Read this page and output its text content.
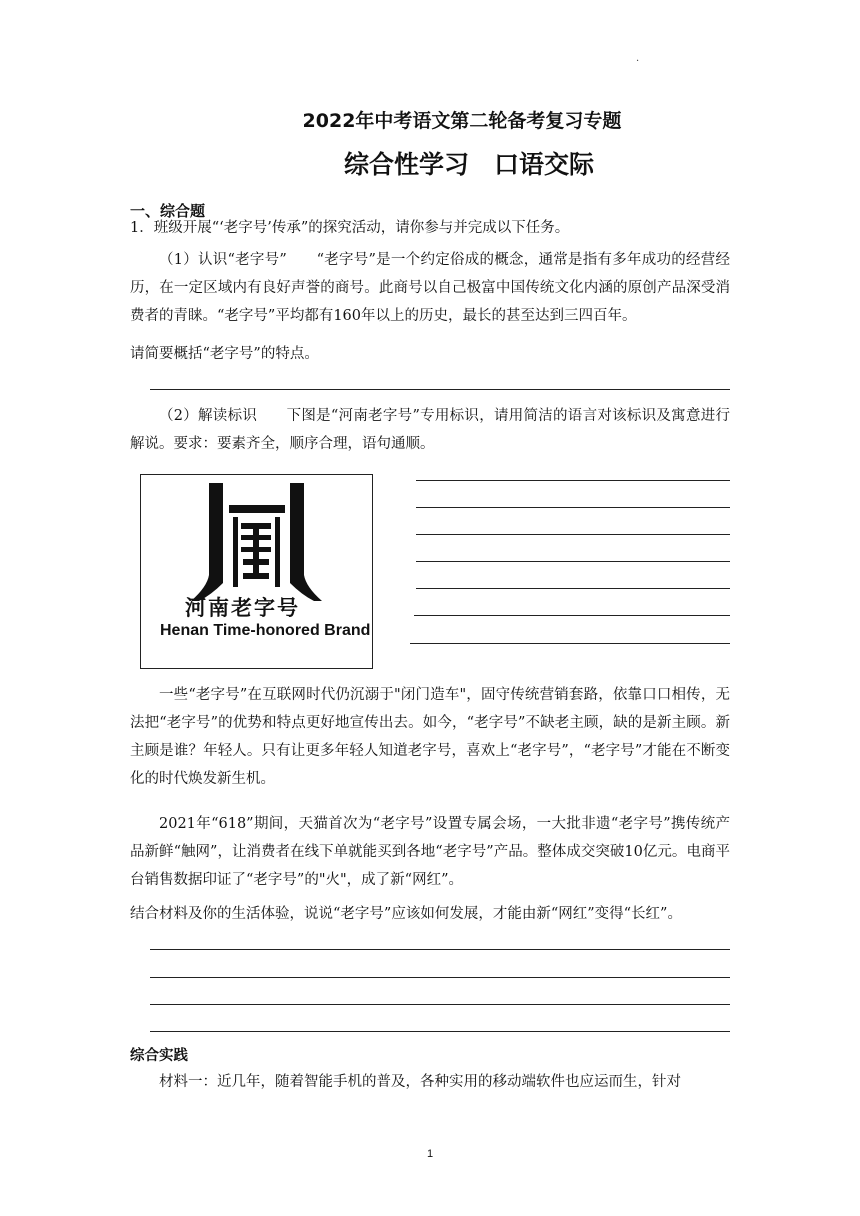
·
2022年中考语文第二轮备考复习专题
综合性学习　口语交际
一、综合题
1．班级开展“‘老字号’传承”的探究活动，请你参与并完成以下任务。
（1）认识“老字号”　　“老字号”是一个约定俗成的概念，通常是指有多年成功的经营经历，在一定区域内有良好声誉的商号。此商号以自己极富中国传统文化内涵的原创产品深受消费者的青睐。“老字号”平均都有160年以上的历史，最长的甚至达到三四百年。
请简要概括“老字号”的特点。
（2）解读标识　　下图是“河南老字号”专用标识，请用简洁的语言对该标识及寓意进行解说。要求：要素齐全，顺序合理，语句通顺。
河南老字号
Henan Time-honored Brand
一些“老字号”在互联网时代仍沉溺于"闭门造车"，固守传统营销套路，依靠口口相传，无法把“老字号”的优势和特点更好地宣传出去。如今，“老字号”不缺老主顾，缺的是新主顾。新主顾是谁？年轻人。只有让更多年轻人知道老字号，喜欢上“老字号”，“老字号”才能在不断变化的时代焕发新生机。
2021年“618”期间，天猫首次为“老字号”设置专属会场，一大批非遗“老字号”携传统产品新鲜“触网”，让消费者在线下单就能买到各地“老字号”产品。整体成交突破10亿元。电商平台销售数据印证了“老字号”的"火"，成了新“网红”。
结合材料及你的生活体验，说说“老字号”应该如何发展，才能由新“网红”变得“长红”。
综合实践
材料一：近几年，随着智能手机的普及，各种实用的移动端软件也应运而生，针对
1
